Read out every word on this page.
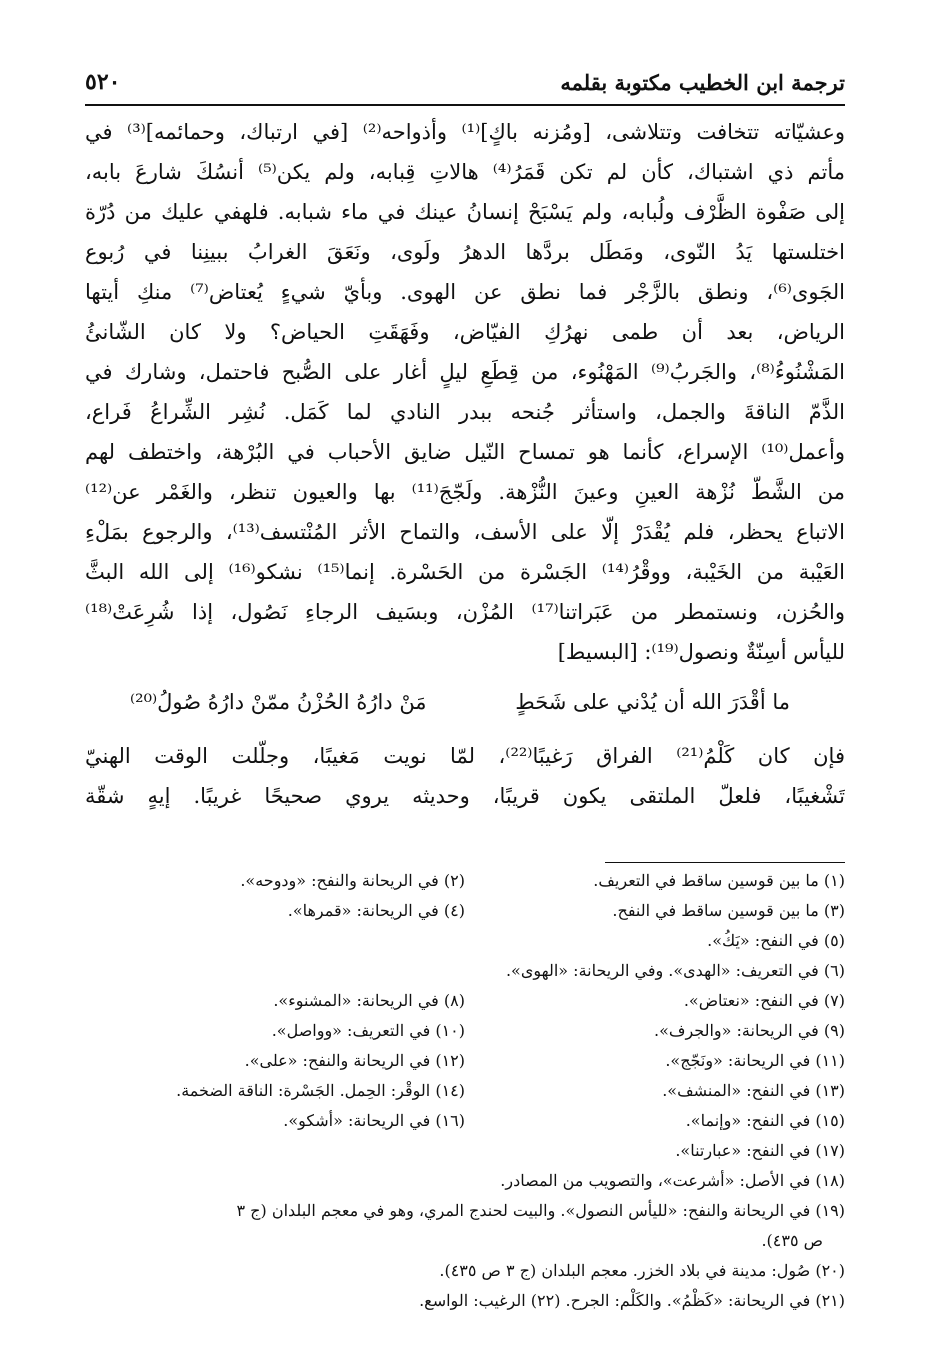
ترجمة ابن الخطيب مكتوبة بقلمه
٥٢٠
وعشيّاته تتخافت وتتلاشى، [ومُزنه باكٍ]⁽¹⁾ وأذواحه⁽²⁾ [في ارتباك، وحمائمه]⁽³⁾ في
مأتم ذي اشتباك، كأن لم تكن قَمَرُ⁽⁴⁾ هالاتِ قِبابه، ولم يكن⁽⁵⁾ أنسُكَ شارعَ بابه،
إلى صَفْوة الظَّرْف ولُبابه، ولم يَسْبَحْ إنسانُ عينك في ماء شبابه. فلهفي عليك من دُرّة
اختلستها يَدُ النّوى، ومَطَل بردَّها الدهرُ ولَوى، ونَعَقَ الغرابُ ببينِنا في رُبوع
الجَوى⁽⁶⁾، ونطق بالزَّجْر فما نطق عن الهوى. وبأيّ شيءٍ يُعتاض⁽⁷⁾ منكِ أيتها
الرياض، بعد أن طمى نهرُكِ الفيّاض، وفَهَقَتِ الحياض؟ ولا كان الشّانئُ
المَشْنُوءُ⁽⁸⁾، والجَربُ⁽⁹⁾ المَهْنُوء، من قِطَعِ ليلٍ أغار على الصُّبح فاحتمل، وشارك في
الذَّمّ الناقةَ والجمل، واستأثر جُنحه ببدر النادي لما كَمَل. نُشِر الشِّراعُ فَراع،
وأعمل⁽¹⁰⁾ الإسراع، كأنما هو تمساح النّيل ضايق الأحباب في البُرْهة، واختطف لهم
من الشَّطّ نُزْهة العينِ وعينَ النُّزْهة. ولَجّجَ⁽¹¹⁾ بها والعيون تنظر، والغَمْر عن⁽¹²⁾
الاتباع يحظر، فلم يُقْدَرْ إلّا على الأسف، والتماح الأثر المُنْتسف⁽¹³⁾، والرجوع بمَلْءِ
العَيْبة من الخَيْبة، ووقْرُ⁽¹⁴⁾ الجَسْرة من الحَسْرة. إنما⁽¹⁵⁾ نشكو⁽¹⁶⁾ إلى الله البثَّ
والحُزن، ونستمطر من عَبَراتنا⁽¹⁷⁾ المُزْن، وبسَيف الرجاءِ نَصُول، إذا شُرِعَتْ⁽¹⁸⁾
لليأس أسِنّةٌ ونصول⁽¹⁹⁾: [البسيط]
ما أقْدَرَ الله أن يُدْني على شَحَطٍ
مَنْ دارُهُ الحُزْنُ ممّنْ دارُهُ صُولُ⁽²⁰⁾
فإن كان كَلْمُ⁽²¹⁾ الفراق رَغيبًا⁽²²⁾، لمّا نويت مَغيبًا، وجلّلت الوقت الهنيّ
تَشْغيبًا، فلعلّ الملتقى يكون قريبًا، وحديثه يروي صحيحًا غريبًا. إيهٍ شقّة
(١) ما بين قوسين ساقط في التعريف.
(٢) في الريحانة والنفح: «ودوحه».
(٣) ما بين قوسين ساقط في النفح.
(٤) في الريحانة: «قمرها».
(٥) في النفح: «يَكُ».
(٦) في التعريف: «الهدى». وفي الريحانة: «الهوى».
(٧) في النفح: «نعتاض».
(٨) في الريحانة: «المشنوء».
(٩) في الريحانة: «والجرف».
(١٠) في التعريف: «وواصل».
(١١) في الريحانة: «ونَجّج».
(١٢) في الريحانة والنفح: «على».
(١٣) في النفح: «المنشف».
(١٤) الوقْر: الحِمل. الجَسْرة: الناقة الضخمة.
(١٥) في النفح: «وإنما».
(١٦) في الريحانة: «أشكو».
(١٧) في النفح: «عبارتنا».
(١٨) في الأصل: «أشرعت»، والتصويب من المصادر.
(١٩) في الريحانة والنفح: «لليأس النصول». والبيت لحندج المري، وهو في معجم البلدان (ج ٣
ص ٤٣٥).
(٢٠) صُول: مدينة في بلاد الخزر. معجم البلدان (ج ٣ ص ٤٣٥).
(٢١) في الريحانة: «كَظْمُ». والكَلْم: الجرح. (٢٢) الرغيب: الواسع.
